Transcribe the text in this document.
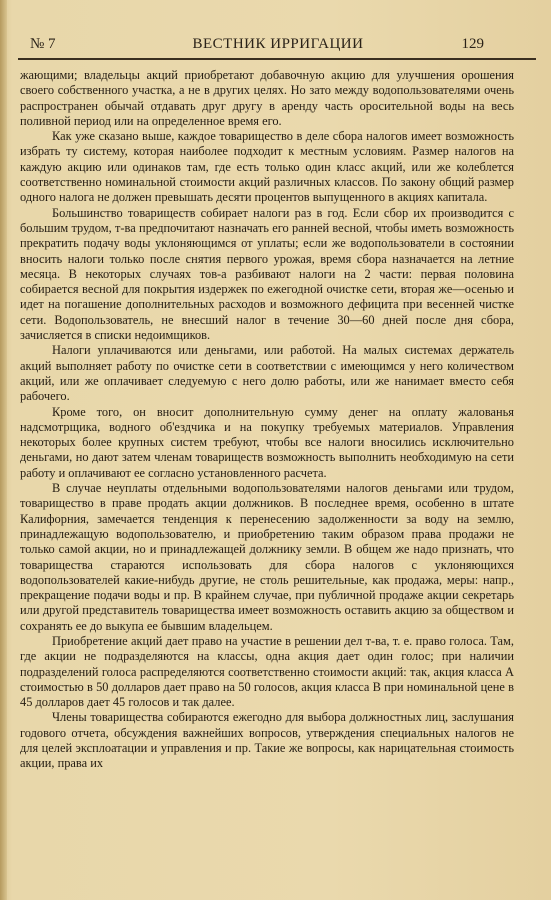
№ 7	ВЕСТНИК ИРРИГАЦИИ	129

жающими; владельцы акций приобретают добавочную акцию для улучшения орошения своего собственного участка, а не в других целях. Но зато между водопользователями очень распространен обычай отдавать друг другу в аренду часть оросительной воды на весь поливной период или на определенное время его.

Как уже сказано выше, каждое товарищество в деле сбора налогов имеет возможность избрать ту систему, которая наиболее подходит к местным условиям. Размер налогов на каждую акцию или одинаков там, где есть только один класс акций, или же колеблется соответственно номинальной стоимости акций различных классов. По закону общий размер одного налога не должен превышать десяти процентов выпущенного в акциях капитала.

Большинство товариществ собирает налоги раз в год. Если сбор их производится с большим трудом, т-ва предпочитают назначать его ранней весной, чтобы иметь возможность прекратить подачу воды уклоняющимся от уплаты; если же водопользователи в состоянии вносить налоги только после снятия первого урожая, время сбора назначается на летние месяца. В некоторых случаях тов-а разбивают налоги на 2 части: первая половина собирается весной для покрытия издержек по ежегодной очистке сети, вторая же—осенью и идет на погашение дополнительных расходов и возможного дефицита при весенней чистке сети. Водопользователь, не внесший налог в течение 30—60 дней после дня сбора, зачисляется в списки недоимщиков.

Налоги уплачиваются или деньгами, или работой. На малых системах держатель акций выполняет работу по очистке сети в соответствии с имеющимся у него количеством акций, или же оплачивает следуемую с него долю работы, или же нанимает вместо себя рабочего.

Кроме того, он вносит дополнительную сумму денег на оплату жалованья надсмотрщика, водного об'ездчика и на покупку требуемых материалов. Управления некоторых более крупных систем требуют, чтобы все налоги вносились исключительно деньгами, но дают затем членам товариществ возможность выполнить необходимую на сети работу и оплачивают ее согласно установленного расчета.

В случае неуплаты отдельными водопользователями налогов деньгами или трудом, товарищество в праве продать акции должников. В последнее время, особенно в штате Калифорния, замечается тенденция к перенесению задолженности за воду на землю, принадлежащую водопользователю, и приобретению таким образом права продажи не только самой акции, но и принадлежащей должнику земли. В общем же надо признать, что товарищества стараются использовать для сбора налогов с уклоняющихся водопользователей какие-нибудь другие, не столь решительные, как продажа, меры: напр., прекращение подачи воды и пр. В крайнем случае, при публичной продаже акции секретарь или другой представитель товарищества имеет возможность оставить акцию за обществом и сохранять ее до выкупа ее бывшим владельцем.

Приобретение акций дает право на участие в решении дел т-ва, т. е. право голоса. Там, где акции не подразделяются на классы, одна акция дает один голос; при наличии подразделений голоса распределяются соответственно стоимости акций: так, акция класса А стоимостью в 50 долларов дает право на 50 голосов, акция класса В при номинальной цене в 45 долларов дает 45 голосов и так далее.

Члены товарищества собираются ежегодно для выбора должностных лиц, заслушания годового отчета, обсуждения важнейших вопросов, утверждения специальных налогов не для целей эксплоатации и управления и пр. Такие же вопросы, как нарицательная стоимость акции, права их
